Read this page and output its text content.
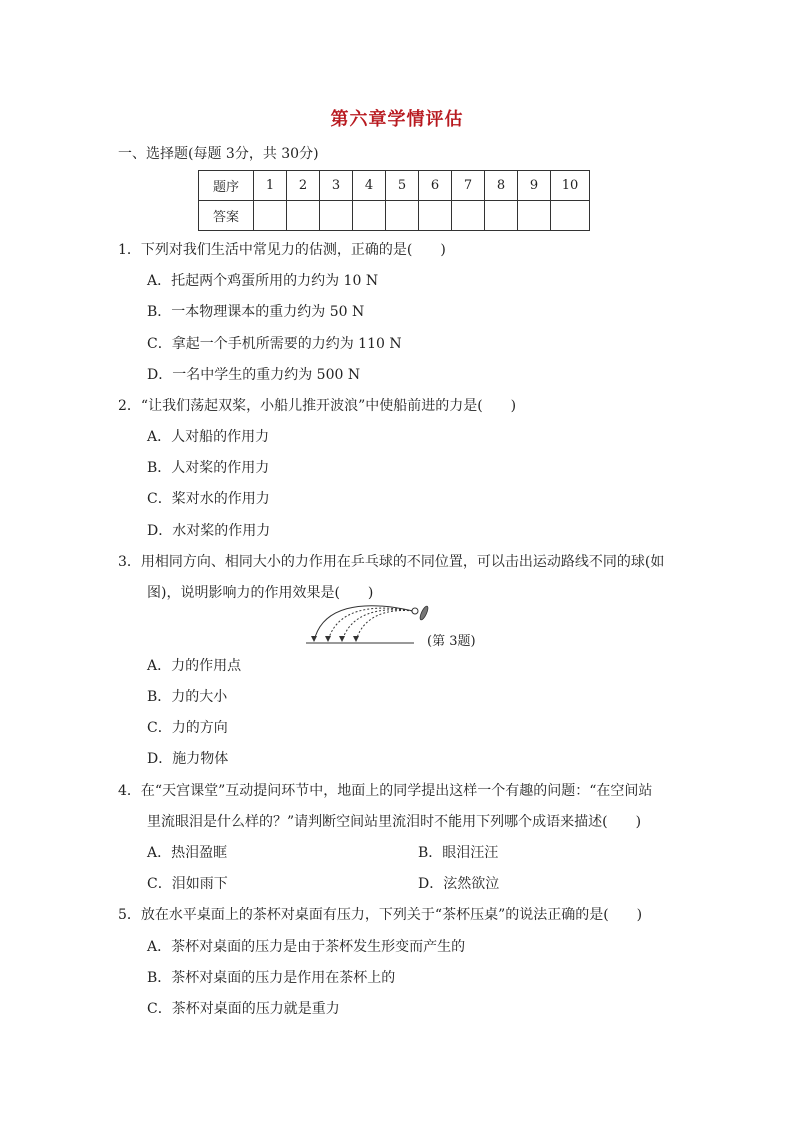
第六章学情评估
一、选择题(每题 3分，共 30分)
题序	1	2	3	4	5	6	7	8	9	10
答案										
1．下列对我们生活中常见力的估测，正确的是(　　)
A．托起两个鸡蛋所用的力约为 10 N
B．一本物理课本的重力约为 50 N
C．拿起一个手机所需要的力约为 110 N
D．一名中学生的重力约为 500 N
2．“让我们荡起双桨，小船儿推开波浪”中使船前进的力是(　　)
A．人对船的作用力
B．人对桨的作用力
C．桨对水的作用力
D．水对桨的作用力
3．用相同方向、相同大小的力作用在乒乓球的不同位置，可以击出运动路线不同的球(如
图)，说明影响力的作用效果是(　　)
(第 3题)
A．力的作用点
B．力的大小
C．力的方向
D．施力物体
4．在“天宫课堂”互动提问环节中，地面上的同学提出这样一个有趣的问题：“在空间站
里流眼泪是什么样的？”请判断空间站里流泪时不能用下列哪个成语来描述(　　)
A．热泪盈眶	B．眼泪汪汪
C．泪如雨下	D．泫然欲泣
5．放在水平桌面上的茶杯对桌面有压力，下列关于“茶杯压桌”的说法正确的是(　　)
A．茶杯对桌面的压力是由于茶杯发生形变而产生的
B．茶杯对桌面的压力是作用在茶杯上的
C．茶杯对桌面的压力就是重力
